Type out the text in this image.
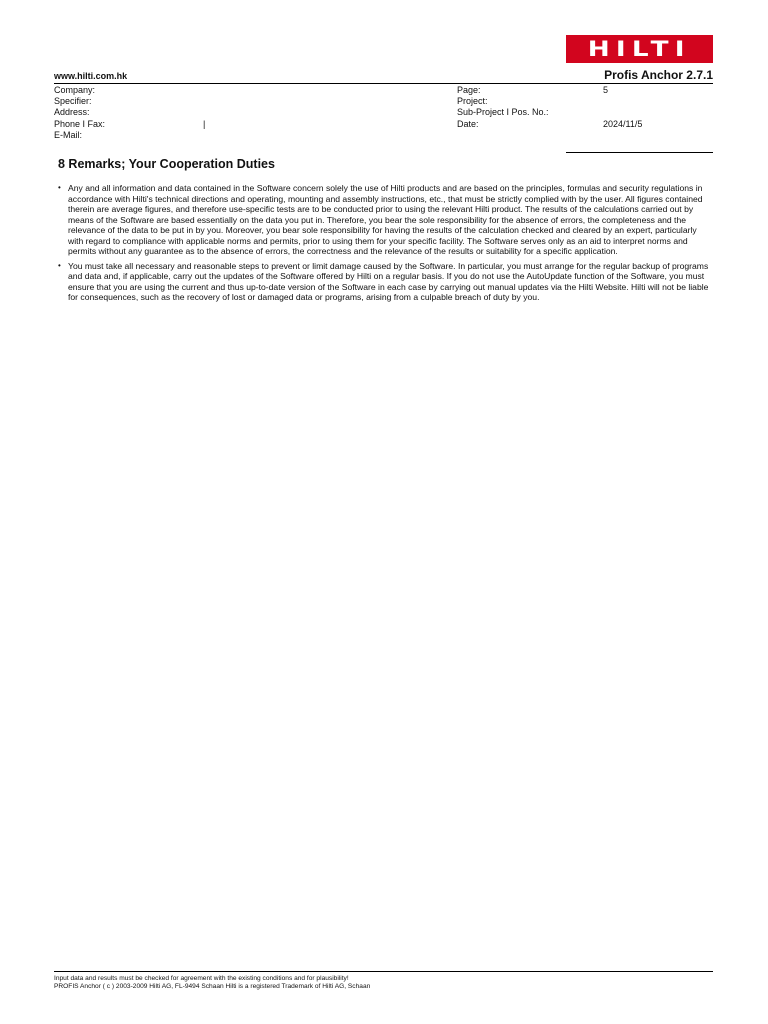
HILTI
www.hilti.com.hk	Profis Anchor 2.7.1
Company:
Specifier:
Address:
Phone I Fax:	|
E-Mail:
Page:	5
Project:
Sub-Project I Pos. No.:
Date:	2024/11/5
8 Remarks; Your Cooperation Duties
• Any and all information and data contained in the Software concern solely the use of Hilti products and are based on the principles, formulas and security regulations in accordance with Hilti's technical directions and operating, mounting and assembly instructions, etc., that must be strictly complied with by the user. All figures contained therein are average figures, and therefore use-specific tests are to be conducted prior to using the relevant Hilti product. The results of the calculations carried out by means of the Software are based essentially on the data you put in. Therefore, you bear the sole responsibility for the absence of errors, the completeness and the relevance of the data to be put in by you. Moreover, you bear sole responsibility for having the results of the calculation checked and cleared by an expert, particularly with regard to compliance with applicable norms and permits, prior to using them for your specific facility. The Software serves only as an aid to interpret norms and permits without any guarantee as to the absence of errors, the correctness and the relevance of the results or suitability for a specific application.
• You must take all necessary and reasonable steps to prevent or limit damage caused by the Software. In particular, you must arrange for the regular backup of programs and data and, if applicable, carry out the updates of the Software offered by Hilti on a regular basis. If you do not use the AutoUpdate function of the Software, you must ensure that you are using the current and thus up-to-date version of the Software in each case by carrying out manual updates via the Hilti Website. Hilti will not be liable for consequences, such as the recovery of lost or damaged data or programs, arising from a culpable breach of duty by you.
Input data and results must be checked for agreement with the existing conditions and for plausibility!
PROFIS Anchor ( c ) 2003-2009 Hilti AG, FL-9494 Schaan Hilti is a registered Trademark of Hilti AG, Schaan
